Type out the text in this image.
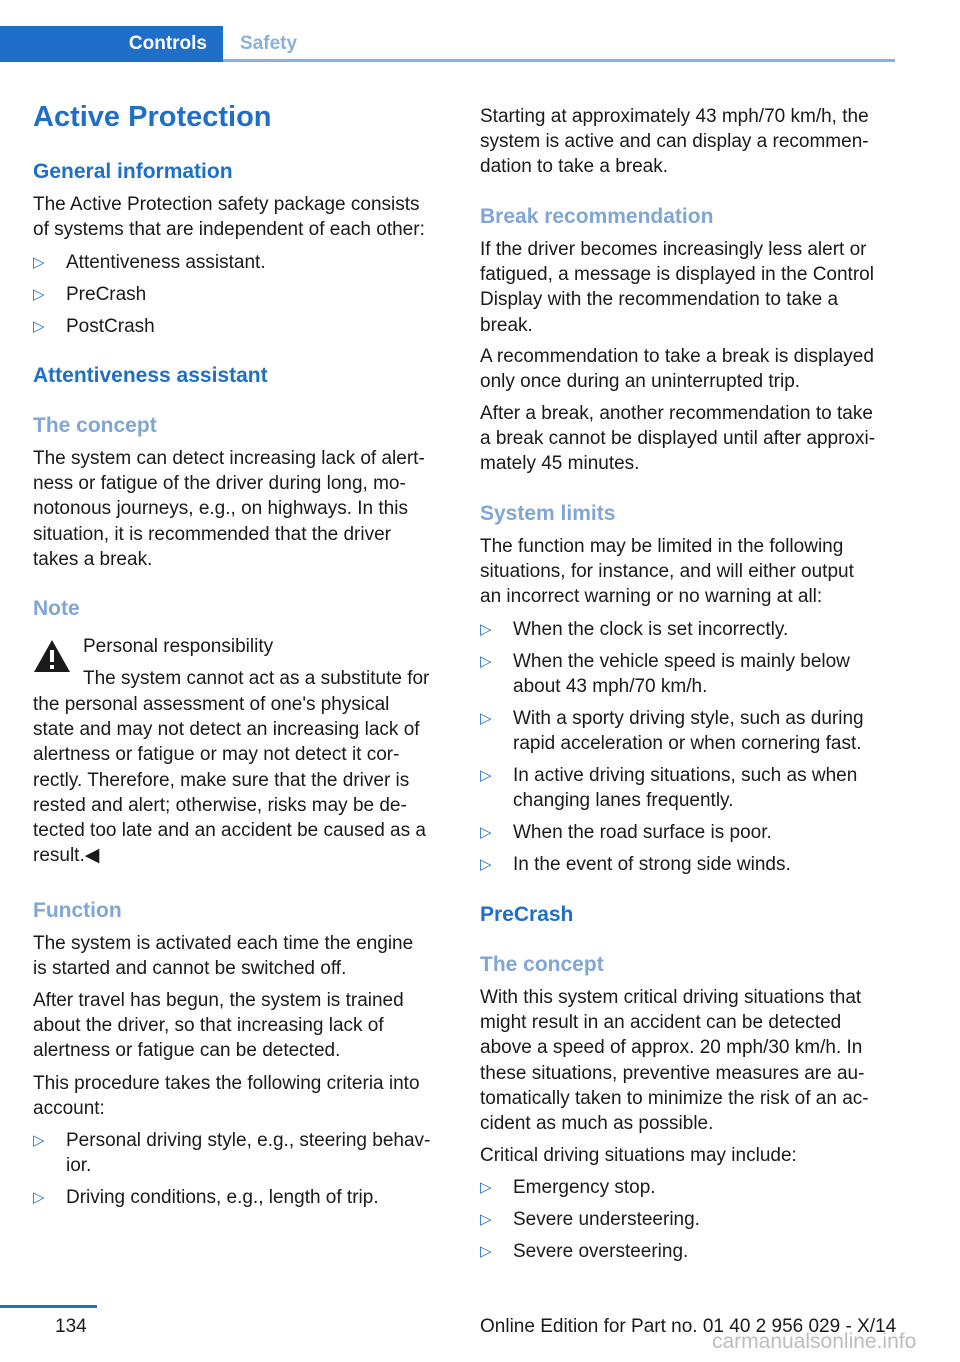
Controls	Safety
Active Protection
General information
The Active Protection safety package consists
of systems that are independent of each other:
▷ Attentiveness assistant.
▷ PreCrash
▷ PostCrash
Attentiveness assistant
The concept
The system can detect increasing lack of alert-
ness or fatigue of the driver during long, mo-
notonous journeys, e.g., on highways. In this
situation, it is recommended that the driver
takes a break.
Note
Personal responsibility
The system cannot act as a substitute for
the personal assessment of one's physical
state and may not detect an increasing lack of
alertness or fatigue or may not detect it cor-
rectly. Therefore, make sure that the driver is
rested and alert; otherwise, risks may be de-
tected too late and an accident be caused as a
result.◀
Function
The system is activated each time the engine
is started and cannot be switched off.
After travel has begun, the system is trained
about the driver, so that increasing lack of
alertness or fatigue can be detected.
This procedure takes the following criteria into
account:
▷ Personal driving style, e.g., steering behav-
ior.
▷ Driving conditions, e.g., length of trip.
Starting at approximately 43 mph/70 km/h, the
system is active and can display a recommen-
dation to take a break.
Break recommendation
If the driver becomes increasingly less alert or
fatigued, a message is displayed in the Control
Display with the recommendation to take a
break.
A recommendation to take a break is displayed
only once during an uninterrupted trip.
After a break, another recommendation to take
a break cannot be displayed until after approxi-
mately 45 minutes.
System limits
The function may be limited in the following
situations, for instance, and will either output
an incorrect warning or no warning at all:
▷ When the clock is set incorrectly.
▷ When the vehicle speed is mainly below
about 43 mph/70 km/h.
▷ With a sporty driving style, such as during
rapid acceleration or when cornering fast.
▷ In active driving situations, such as when
changing lanes frequently.
▷ When the road surface is poor.
▷ In the event of strong side winds.
PreCrash
The concept
With this system critical driving situations that
might result in an accident can be detected
above a speed of approx. 20 mph/30 km/h. In
these situations, preventive measures are au-
tomatically taken to minimize the risk of an ac-
cident as much as possible.
Critical driving situations may include:
▷ Emergency stop.
▷ Severe understeering.
▷ Severe oversteering.
134	Online Edition for Part no. 01 40 2 956 029 - X/14
carmanualsonline.info
